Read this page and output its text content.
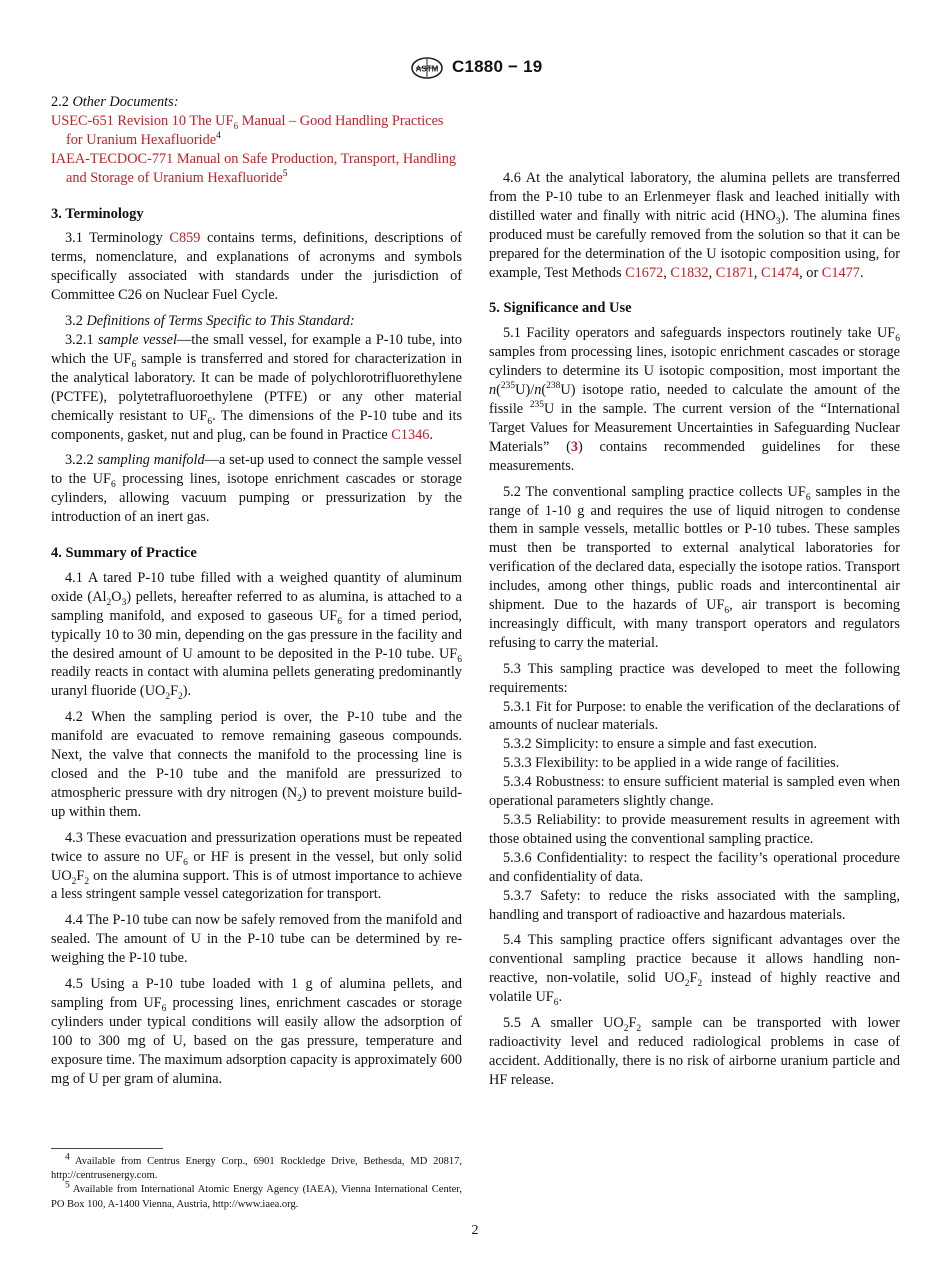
ASTM C1880 − 19

2.2 Other Documents:

USEC-651 Revision 10 The $UF_6$ Manual – Good Handling Practices for Uranium Hexafluoride$^4$

IAEA-TECDOC-771 Manual on Safe Production, Transport, Handling and Storage of Uranium Hexafluoride$^5$

3. Terminology

3.1 Terminology C859 contains terms, definitions, descriptions of terms, nomenclature, and explanations of acronyms and symbols specifically associated with standards under the jurisdiction of Committee C26 on Nuclear Fuel Cycle.

3.2 Definitions of Terms Specific to This Standard:

3.2.1 sample vessel—the small vessel, for example a P-10 tube, into which the $UF_6$ sample is transferred and stored for characterization in the analytical laboratory. It can be made of polychlorotrifluorethylene (PCTFE), polytetrafluoroethylene (PTFE) or any other material chemically resistant to $UF_6$. The dimensions of the P-10 tube and its components, gasket, nut and plug, can be found in Practice C1346.

3.2.2 sampling manifold—a set-up used to connect the sample vessel to the $UF_6$ processing lines, isotope enrichment cascades or storage cylinders, allowing vacuum pumping or pressurization by the introduction of an inert gas.

4. Summary of Practice

4.1 A tared P-10 tube filled with a weighed quantity of aluminum oxide $(Al_2O_3)$ pellets, hereafter referred to as alumina, is attached to a sampling manifold, and exposed to gaseous $UF_6$ for a timed period, typically 10 to 30 min, depending on the gas pressure in the facility and the desired amount of U amount to be deposited in the P-10 tube. $UF_6$ readily reacts in contact with alumina pellets generating predominantly uranyl fluoride $(UO_2F_2)$.

4.2 When the sampling period is over, the P-10 tube and the manifold are evacuated to remove remaining gaseous compounds. Next, the valve that connects the manifold to the processing line is closed and the P-10 tube and the manifold are pressurized to atmospheric pressure with dry nitrogen $(N_2)$ to prevent moisture build-up within them.

4.3 These evacuation and pressurization operations must be repeated twice to assure no $UF_6$ or HF is present in the vessel, but only solid $UO_2F_2$ on the alumina support. This is of utmost importance to achieve a less stringent sample vessel categorization for transport.

4.4 The P-10 tube can now be safely removed from the manifold and sealed. The amount of U in the P-10 tube can be determined by re-weighing the P-10 tube.

4.5 Using a P-10 tube loaded with 1 g of alumina pellets, and sampling from $UF_6$ processing lines, enrichment cascades or storage cylinders under typical conditions will easily allow the adsorption of 100 to 300 mg of U, based on the gas pressure, temperature and exposure time. The maximum adsorption capacity is approximately 600 mg of U per gram of alumina.

4.6 At the analytical laboratory, the alumina pellets are transferred from the P-10 tube to an Erlenmeyer flask and leached initially with distilled water and finally with nitric acid $(HNO_3)$. The alumina fines produced must be carefully removed from the solution so that it can be prepared for the determination of the U isotopic composition using, for example, Test Methods C1672, C1832, C1871, C1474, or C1477.

5. Significance and Use

5.1 Facility operators and safeguards inspectors routinely take $UF_6$ samples from processing lines, isotopic enrichment cascades or storage cylinders to determine its U isotopic composition, most important the n($^{235}$U)/n($^{238}$U) isotope ratio, needed to calculate the amount of the fissile $^{235}$U in the sample. The current version of the “International Target Values for Measurement Uncertainties in Safeguarding Nuclear Materials” (3) contains recommended guidelines for these measurements.

5.2 The conventional sampling practice collects $UF_6$ samples in the range of 1-10 g and requires the use of liquid nitrogen to condense them in sample vessels, metallic bottles or P-10 tubes. These samples must then be transported to external analytical laboratories for verification of the declared data, especially the isotope ratios. Transport includes, among other things, public roads and intercontinental air shipment. Due to the hazards of $UF_6$, air transport is becoming increasingly difficult, with many transport operators and regulators refusing to carry the material.

5.3 This sampling practice was developed to meet the following requirements:

5.3.1 Fit for Purpose: to enable the verification of the declarations of amounts of nuclear materials.

5.3.2 Simplicity: to ensure a simple and fast execution.

5.3.3 Flexibility: to be applied in a wide range of facilities.

5.3.4 Robustness: to ensure sufficient material is sampled even when operational parameters slightly change.

5.3.5 Reliability: to provide measurement results in agreement with those obtained using the conventional sampling practice.

5.3.6 Confidentiality: to respect the facility’s operational procedure and confidentiality of data.

5.3.7 Safety: to reduce the risks associated with the sampling, handling and transport of radioactive and hazardous materials.

5.4 This sampling practice offers significant advantages over the conventional sampling practice because it allows handling non-reactive, non-volatile, solid $UO_2F_2$ instead of highly reactive and volatile $UF_6$.

5.5 A smaller $UO_2F_2$ sample can be transported with lower radioactivity level and reduced radiological problems in case of accident. Additionally, there is no risk of airborne uranium particle and HF release.

$^4$ Available from Centrus Energy Corp., 6901 Rockledge Drive, Bethesda, MD 20817, http://centrusenergy.com.

$^5$ Available from International Atomic Energy Agency (IAEA), Vienna International Center, PO Box 100, A-1400 Vienna, Austria, http://www.iaea.org.

2
